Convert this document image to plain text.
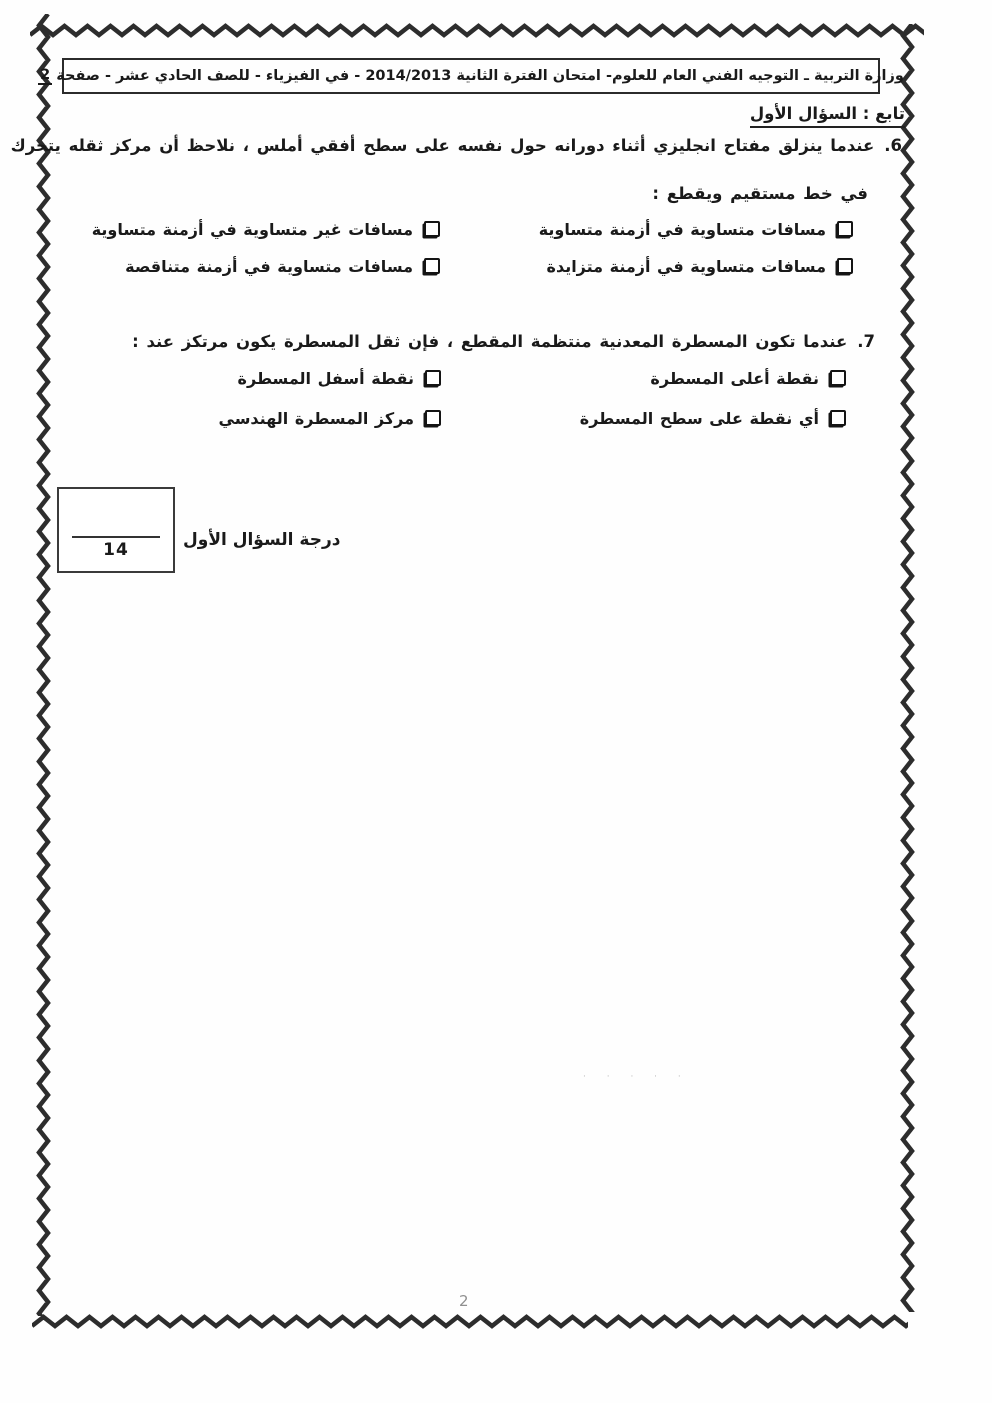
وزارة التربية ـ التوجيه الفني العام للعلوم- امتحان الفترة الثانية 2014/2013 - في الفيزياء - للصف الحادي عشر - صفحة
2
تابع : السؤال الأول
6.عندما ينزلق مفتاح انجليزي أثناء دورانه حول نفسه على سطح أفقي أملس ، نلاحظ أن مركز ثقله يتحرك
في خط مستقيم ويقطع :
مسافات متساوية في أزمنة متساوية
مسافات غير متساوية في أزمنة متساوية
مسافات متساوية في أزمنة متزايدة
مسافات متساوية في أزمنة متناقصة
7.عندما تكون المسطرة المعدنية منتظمة المقطع ، فإن ثقل المسطرة يكون مرتكز عند :
نقطة أعلى المسطرة
نقطة أسفل المسطرة
أي نقطة على سطح المسطرة
مركز المسطرة الهندسي
14	درجة السؤال الأول
· · · · ·
2
